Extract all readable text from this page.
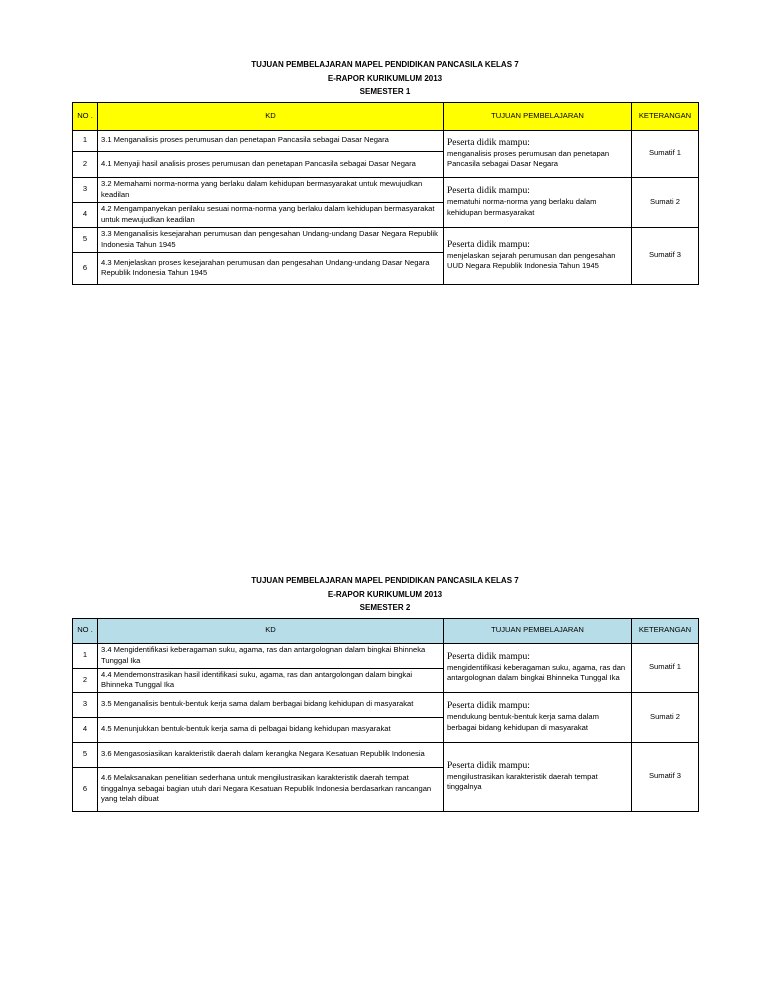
TUJUAN PEMBELAJARAN MAPEL PENDIDIKAN PANCASILA KELAS 7
E-RAPOR KURIKUMLUM 2013
SEMESTER 1
NO .	KD	TUJUAN PEMBELAJARAN	KETERANGAN
1	3.1 Menganalisis proses perumusan dan penetapan Pancasila sebagai Dasar Negara	Peserta didik mampu:
menganalisis proses perumusan dan penetapan Pancasila sebagai Dasar Negara	Sumatif 1
2	4.1 Menyaji hasil analisis proses perumusan dan penetapan Pancasila sebagai Dasar Negara		
3	3.2 Memahami norma-norma yang berlaku dalam kehidupan bermasyarakat untuk mewujudkan keadilan	Peserta didik mampu:
mematuhi norma-norma yang berlaku dalam kehidupan bermasyarakat	Sumati 2
4	4.2 Mengampanyekan perilaku sesuai norma-norma yang berlaku dalam kehidupan bermasyarakat untuk mewujudkan keadilan		
5	3.3 Menganalisis kesejarahan perumusan dan pengesahan Undang-undang Dasar Negara Republik Indonesia Tahun 1945	Peserta didik mampu:
menjelaskan sejarah perumusan dan pengesahan UUD Negara Republik Indonesia Tahun 1945	Sumatif 3
6	4.3 Menjelaskan proses kesejarahan perumusan dan pengesahan Undang-undang Dasar Negara Republik Indonesia Tahun 1945		
TUJUAN PEMBELAJARAN MAPEL PENDIDIKAN PANCASILA KELAS 7
E-RAPOR KURIKUMLUM 2013
SEMESTER 2
NO .	KD	TUJUAN PEMBELAJARAN	KETERANGAN
1	3.4 Mengidentifikasi keberagaman suku, agama, ras dan antargolognan dalam bingkai Bhinneka Tunggal Ika	Peserta didik mampu:
mengidentifikasi keberagaman suku, agama, ras dan antargolognan dalam bingkai Bhinneka Tunggal Ika	Sumatif 1
2	4.4 Mendemonstrasikan hasil identifikasi suku, agama, ras dan antargolongan dalam bingkai Bhinneka Tunggal Ika		
3	3.5 Menganalisis bentuk-bentuk kerja sama dalam berbagai bidang kehidupan di masyarakat	Peserta didik mampu:
mendukung bentuk-bentuk kerja sama dalam berbagai bidang kehidupan di masyarakat	Sumati 2
4	4.5 Menunjukkan bentuk-bentuk kerja sama di pelbagai bidang kehidupan masyarakat		
5	3.6 Mengasosiasikan karakteristik daerah dalam kerangka Negara Kesatuan Republik Indonesia	Peserta didik mampu:
mengilustrasikan karakteristik daerah tempat tinggalnya	Sumatif 3
6	4.6 Melaksanakan penelitian sederhana untuk mengilustrasikan karakteristik daerah tempat tinggalnya sebagai bagian utuh dari Negara Kesatuan Republik Indonesia berdasarkan rancangan yang telah dibuat		
